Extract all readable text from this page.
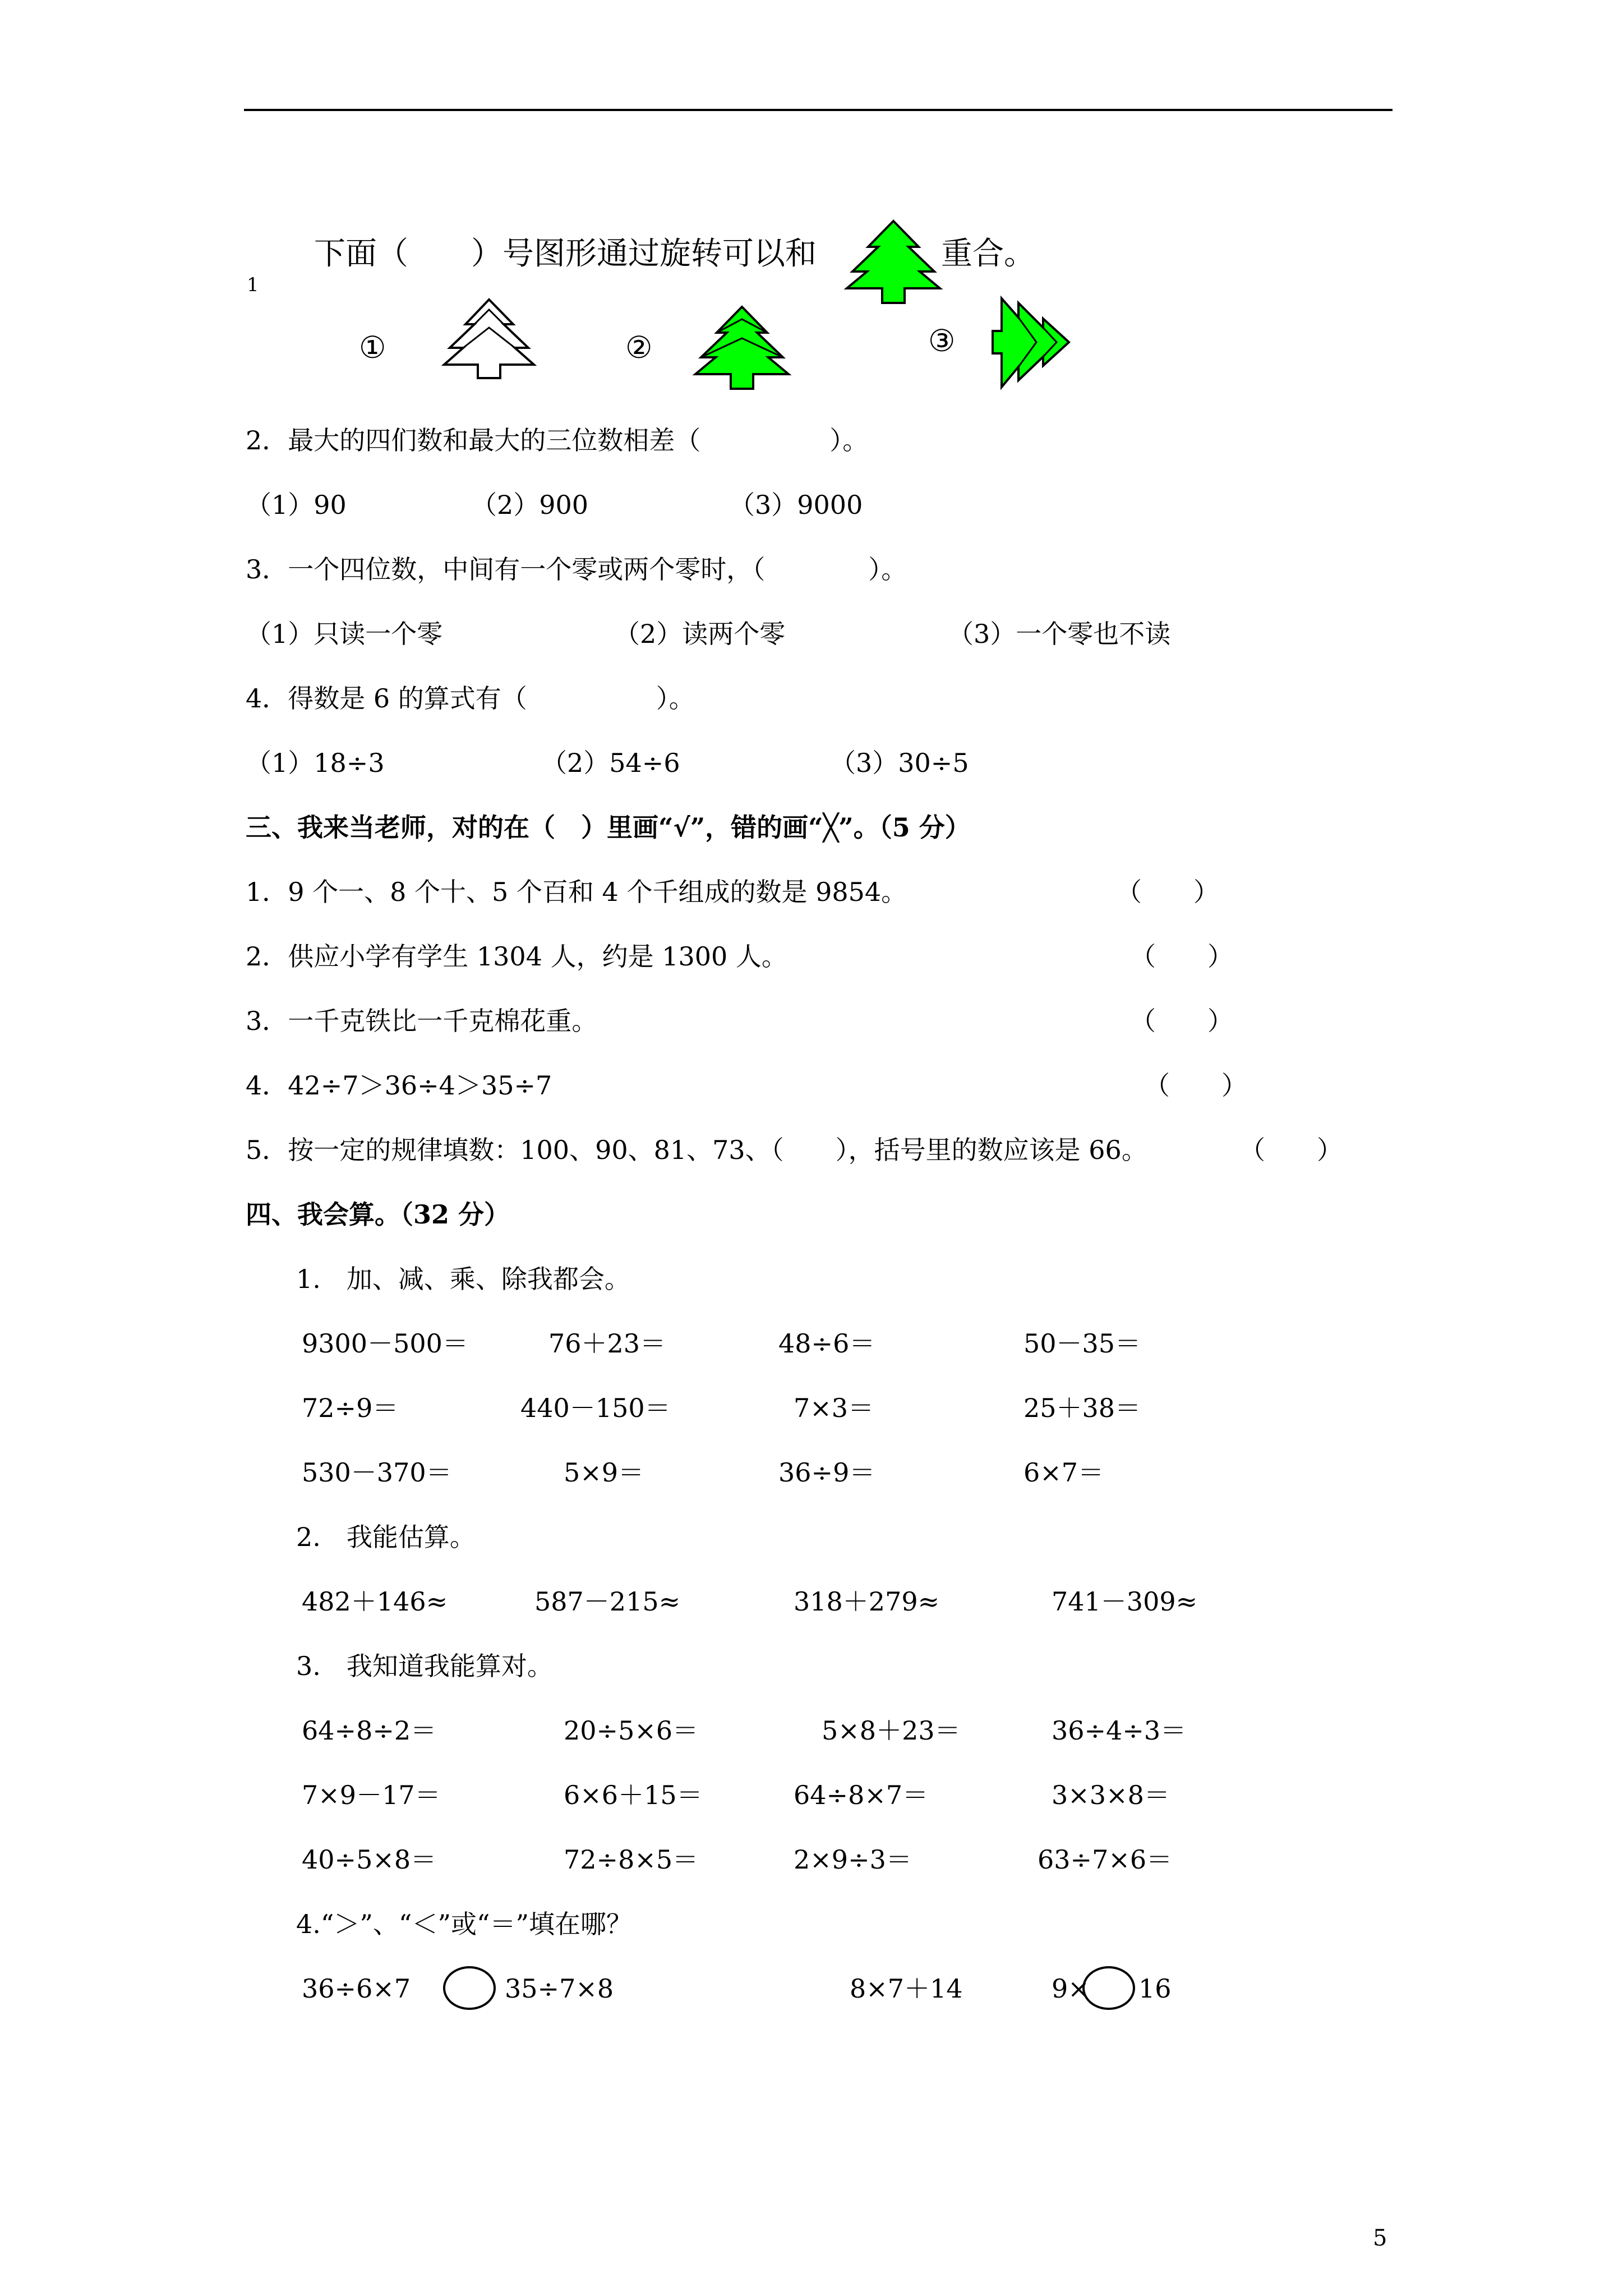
1
下面（　　）号图形通过旋转可以和	重合。
①	②	③
2．最大的四们数和最大的三位数相差（　　　　　）。
（1）90	（2）900	（3）9000
3．一个四位数，中间有一个零或两个零时，（　　　　）。
（1）只读一个零	（2）读两个零	（3）一个零也不读
4．得数是 6 的算式有（　　　　　）。
（1）18÷3	（2）54÷6	（3）30÷5
三、我来当老师，对的在（　）里画“√”，错的画“╳”。（5 分）
1．9 个一、8 个十、5 个百和 4 个千组成的数是 9854。	（　　）
2．供应小学有学生 1304 人，约是 1300 人。	（　　）
3．一千克铁比一千克棉花重。	（　　）
4．42÷7＞36÷4＞35÷7	（　　）
5．按一定的规律填数：100、90、81、73、（　　），括号里的数应该是 66。	（　　）
四、我会算。（32 分）
1.　加、减、乘、除我都会。
9300－500＝	76＋23＝	48÷6＝	50－35＝
72÷9＝	440－150＝	7×3＝	25＋38＝
530－370＝	5×9＝	36÷9＝	6×7＝
2.　我能估算。
482＋146≈	587－215≈	318＋279≈	741－309≈
3.　我知道我能算对。
64÷8÷2＝	20÷5×6＝	5×8＋23＝	36÷4÷3＝
7×9－17＝	6×6＋15＝	64÷8×7＝	3×3×8＝
40÷5×8＝	72÷8×5＝	2×9÷3＝	63÷7×6＝
4.“＞”、“＜”或“＝”填在哪？
36÷6×7	35÷7×8	8×7＋14	9× 16
5
